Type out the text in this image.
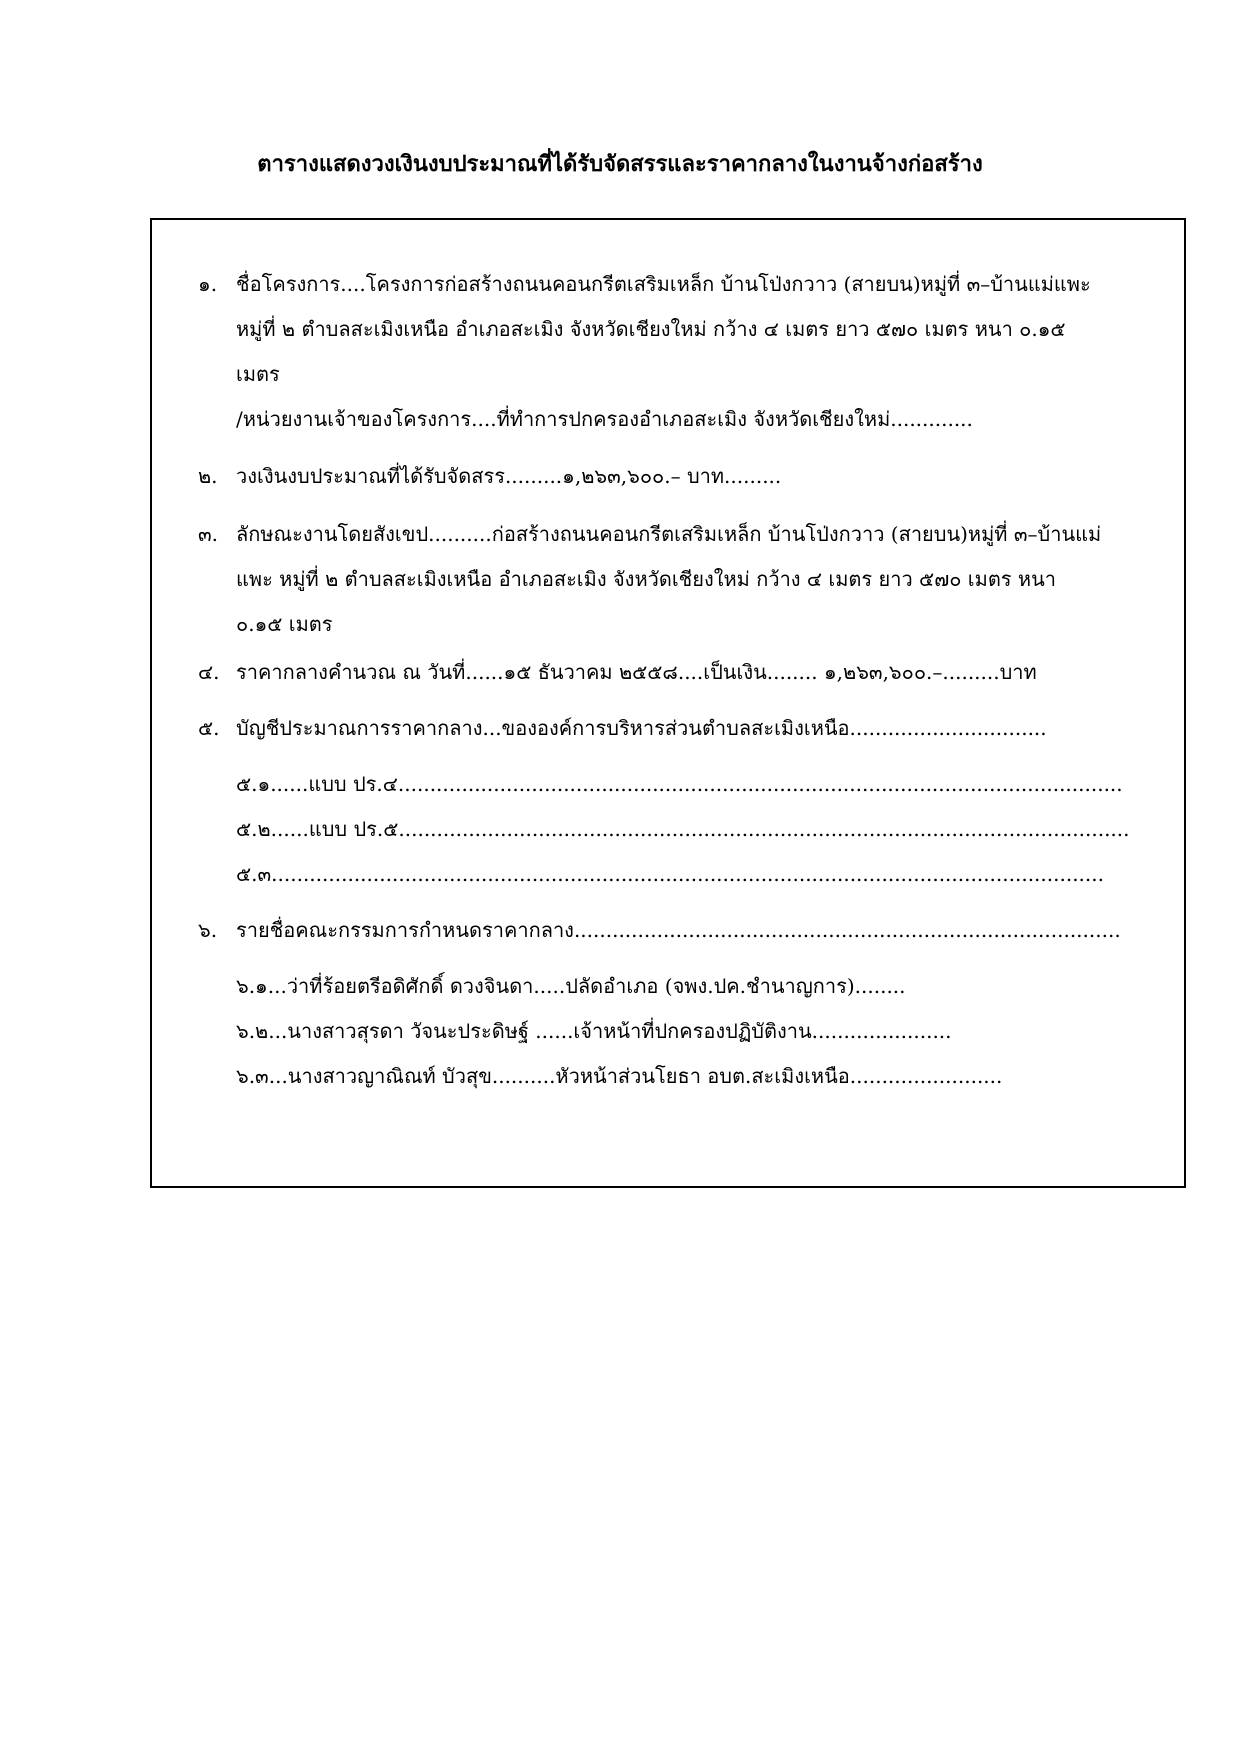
ตารางแสดงวงเงินงบประมาณที่ได้รับจัดสรรและราคากลางในงานจ้างก่อสร้าง
๑. ชื่อโครงการ....โครงการก่อสร้างถนนคอนกรีตเสริมเหล็ก บ้านโป่งกวาว (สายบน)หมู่ที่ ๓–บ้านแม่แพะ
หมู่ที่ ๒ ตำบลสะเมิงเหนือ อำเภอสะเมิง จังหวัดเชียงใหม่ กว้าง ๔ เมตร ยาว ๕๗๐ เมตร หนา ๐.๑๕
เมตร
/หน่วยงานเจ้าของโครงการ....ที่ทำการปกครองอำเภอสะเมิง จังหวัดเชียงใหม่.............
๒. วงเงินงบประมาณที่ได้รับจัดสรร.........๑,๒๖๓,๖๐๐.– บาท.........
๓. ลักษณะงานโดยสังเขป..........ก่อสร้างถนนคอนกรีตเสริมเหล็ก บ้านโป่งกวาว (สายบน)หมู่ที่ ๓–บ้านแม่
แพะ หมู่ที่ ๒ ตำบลสะเมิงเหนือ อำเภอสะเมิง จังหวัดเชียงใหม่ กว้าง ๔ เมตร ยาว ๕๗๐ เมตร หนา
๐.๑๕ เมตร
๔. ราคากลางคำนวณ ณ วันที่......๑๕ ธันวาคม ๒๕๕๘....เป็นเงิน........ ๑,๒๖๓,๖๐๐.–.........บาท
๕. บัญชีประมาณการราคากลาง...ขององค์การบริหารส่วนตำบลสะเมิงเหนือ...............................
๕.๑......แบบ ปร.๔..................................................................................................................
๕.๒......แบบ ปร.๕...................................................................................................................
๕.๓...................................................................................................................................
๖. รายชื่อคณะกรรมการกำหนดราคากลาง......................................................................................
๖.๑...ว่าที่ร้อยตรีอดิศักดิ์ ดวงจินดา.....ปลัดอำเภอ (จพง.ปค.ชำนาญการ)........
๖.๒...นางสาวสุรดา วัจนะประดิษฐ์ ......เจ้าหน้าที่ปกครองปฏิบัติงาน......................
๖.๓...นางสาวญาณิณท์ บัวสุข..........หัวหน้าส่วนโยธา อบต.สะเมิงเหนือ........................
